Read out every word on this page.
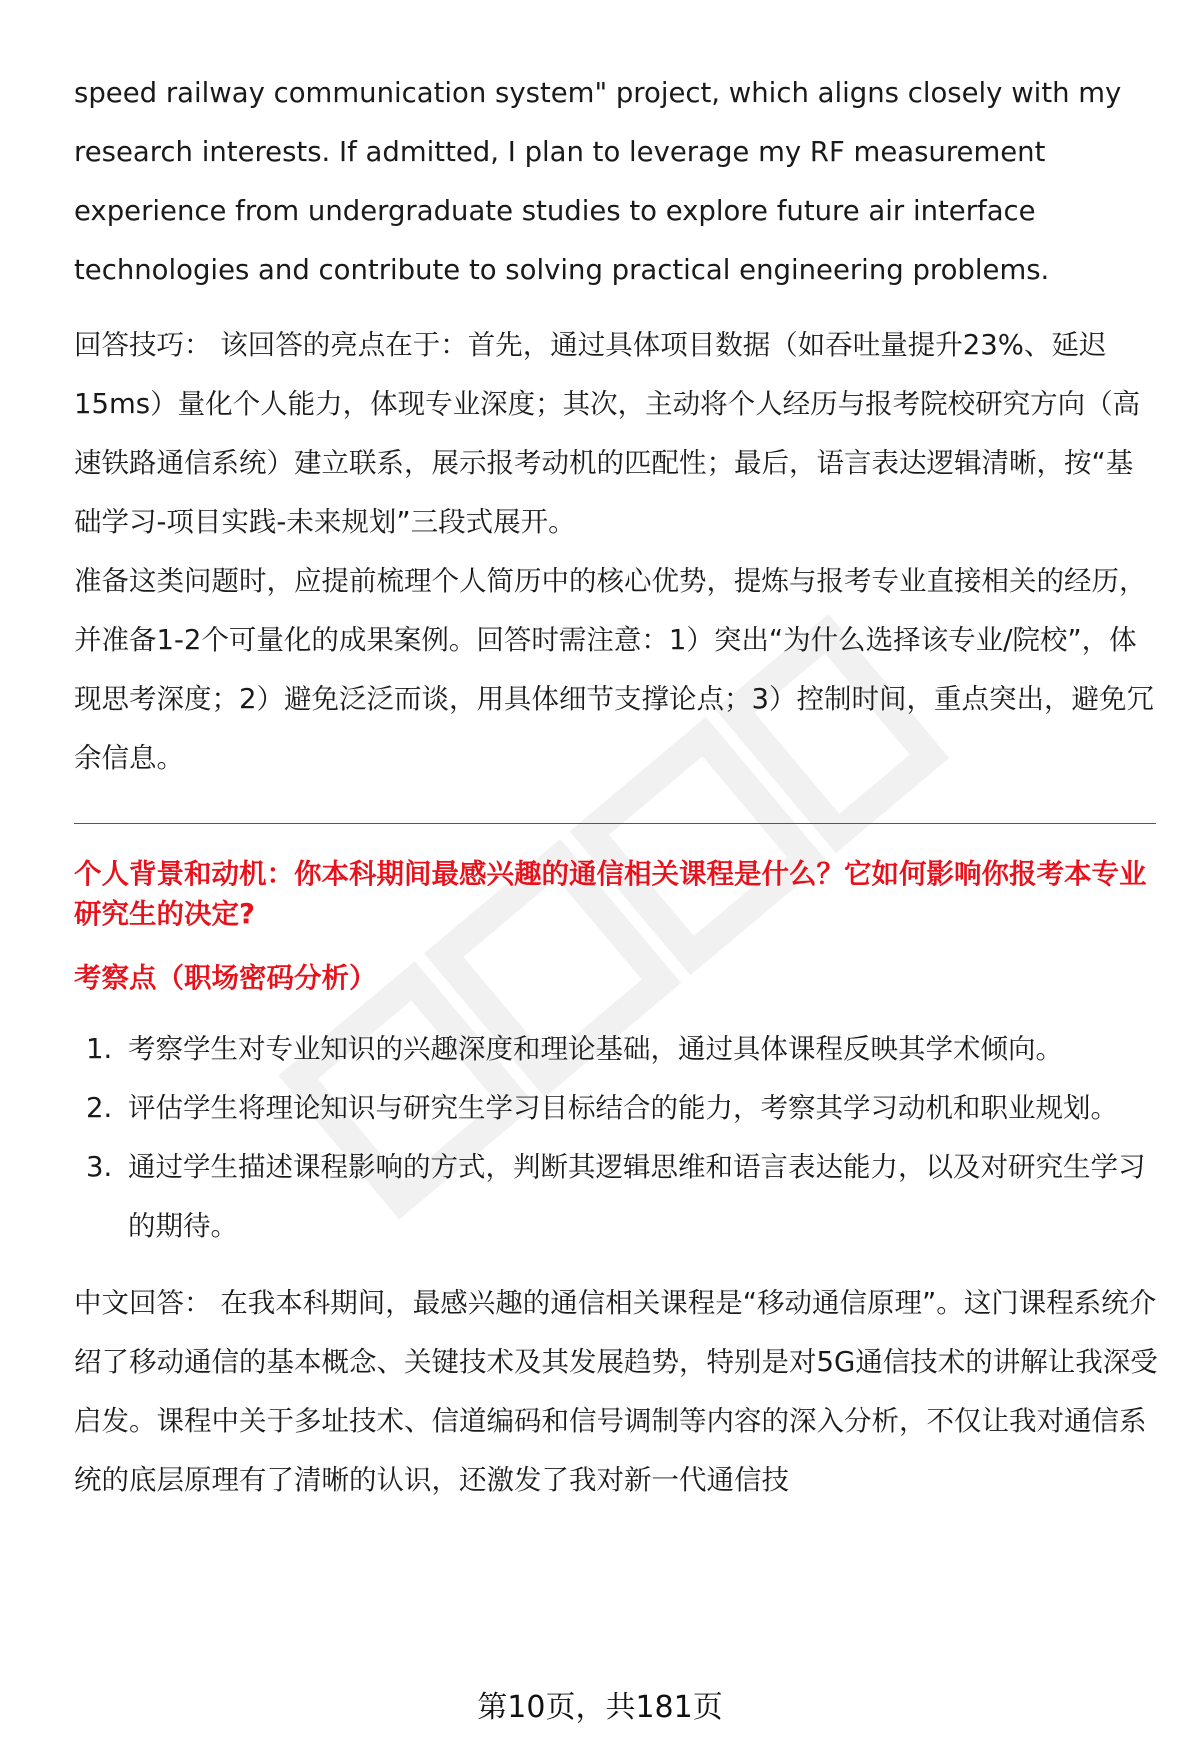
speed railway communication system" project, which aligns closely with my research interests. If admitted, I plan to leverage my RF measurement experience from undergraduate studies to explore future air interface technologies and contribute to solving practical engineering problems.

回答技巧： 该回答的亮点在于：首先，通过具体项目数据（如吞吐量提升23%、延迟15ms）量化个人能力，体现专业深度；其次，主动将个人经历与报考院校研究方向（高速铁路通信系统）建立联系，展示报考动机的匹配性；最后，语言表达逻辑清晰，按“基础学习-项目实践-未来规划”三段式展开。

准备这类问题时，应提前梳理个人简历中的核心优势，提炼与报考专业直接相关的经历，并准备1-2个可量化的成果案例。回答时需注意：1）突出“为什么选择该专业/院校”，体现思考深度；2）避免泛泛而谈，用具体细节支撑论点；3）控制时间，重点突出，避免冗余信息。

个人背景和动机：你本科期间最感兴趣的通信相关课程是什么？它如何影响你报考本专业研究生的决定?
考察点（职场密码分析）
1. 考察学生对专业知识的兴趣深度和理论基础，通过具体课程反映其学术倾向。
2. 评估学生将理论知识与研究生学习目标结合的能力，考察其学习动机和职业规划。
3. 通过学生描述课程影响的方式，判断其逻辑思维和语言表达能力，以及对研究生学习的期待。

中文回答： 在我本科期间，最感兴趣的通信相关课程是“移动通信原理”。这门课程系统介绍了移动通信的基本概念、关键技术及其发展趋势，特别是对5G通信技术的讲解让我深受启发。课程中关于多址技术、信道编码和信号调制等内容的深入分析，不仅让我对通信系统的底层原理有了清晰的认识，还激发了我对新一代通信技

第10页，共181页
